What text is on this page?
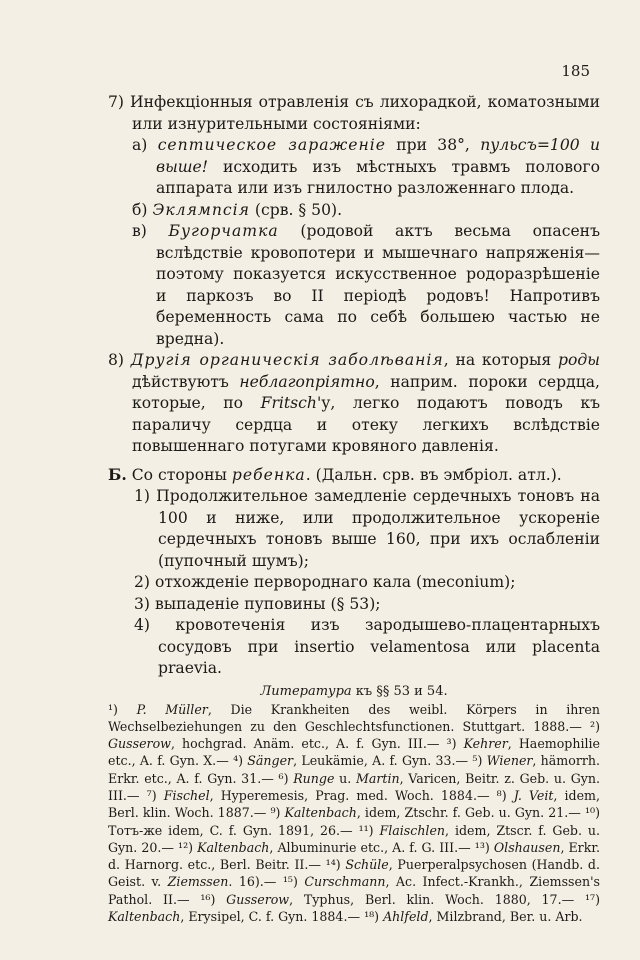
185
7) Инфекціонныя отравленія съ лихорадкой, коматозными или изнурительными состояніями:
а) септическое зараженіе при 38°, пульсъ=100 и выше! исходить изъ мѣстныхъ травмъ полового аппарата или изъ гнилостно разложеннаго плода.
б) Эклямпсія (срв. § 50).
в) Бугорчатка (родовой актъ весьма опасенъ вслѣдствіе кровопотери и мышечнаго напряженія—поэтому показуется искусственное родоразрѣшеніе и паркозъ во II періодѣ родовъ! Напротивъ беременность сама по себѣ большею частью не вредна).
8) Другія органическія заболѣванія, на которыя роды дѣйствуютъ неблагопріятно, наприм. пороки сердца, которые, по Fritsch'у, легко подаютъ поводъ къ параличу сердца и отеку легкихъ вслѣдствіе повышеннаго потугами кровяного давленія.
Б. Со стороны ребенка. (Дальн. срв. въ эмбріол. атл.).
1) Продолжительное замедленіе сердечныхъ тоновъ на 100 и ниже, или продолжительное ускореніе сердечныхъ тоновъ выше 160, при ихъ ослабленіи (пупочный шумъ);
2) отхожденіе первороднаго кала (meconium);
3) выпаденіе пуповины (§ 53);
4) кровотеченія изъ зародышево-плацентарныхъ сосудовъ при insertio velamentosa или placenta praevia.
Литература къ §§ 53 и 54.
¹) P. Müller, Die Krankheiten des weibl. Körpers in ihren Wechselbeziehungen zu den Geschlechtsfunctionen. Stuttgart. 1888.— ²) Gusserow, hochgrad. Anäm. etc., A. f. Gyn. III.— ³) Kehrer, Haemophilie etc., A. f. Gyn. X.— ⁴) Sänger, Leukämie, A. f. Gyn. 33.— ⁵) Wiener, hämorrh. Erkr. etc., A. f. Gyn. 31.— ⁶) Runge u. Martin, Varicen, Beitr. z. Geb. u. Gyn. III.— ⁷) Fischel, Hyperemesis, Prag. med. Woch. 1884.— ⁸) J. Veit, idem, Berl. klin. Woch. 1887.— ⁹) Kaltenbach, idem, Ztschr. f. Geb. u. Gyn. 21.— ¹⁰) Тотъ-же idem, C. f. Gyn. 1891, 26.— ¹¹) Flaischlen, idem, Ztscr. f. Geb. u. Gyn. 20.— ¹²) Kaltenbach, Albuminurie etc., A. f. G. III.— ¹³) Olshausen, Erkr. d. Harnorg. etc., Berl. Beitr. II.— ¹⁴) Schüle, Puerperalpsychosen (Handb. d. Geist. v. Ziemssen. 16).— ¹⁵) Curschmann, Ac. Infect.-Krankh., Ziemssen's Pathol. II.— ¹⁶) Gusserow, Typhus, Berl. klin. Woch. 1880, 17.— ¹⁷) Kaltenbach, Erysipel, C. f. Gyn. 1884.— ¹⁸) Ahlfeld, Milzbrand, Ber. u. Arb.
